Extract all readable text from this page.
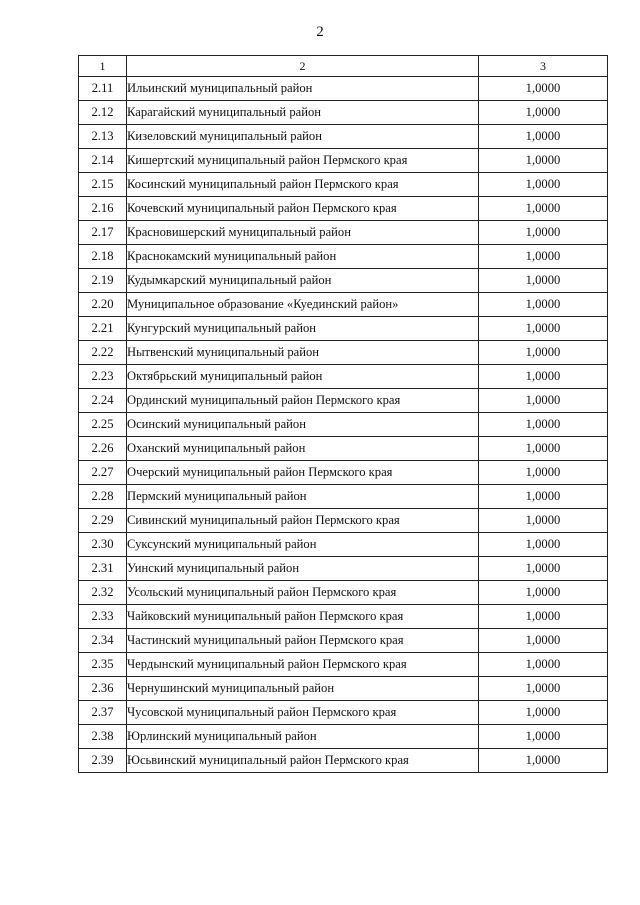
2
1	2	3
2.11	Ильинский муниципальный район	1,0000
2.12	Карагайский муниципальный район	1,0000
2.13	Кизеловский муниципальный район	1,0000
2.14	Кишертский муниципальный район Пермского края	1,0000
2.15	Косинский муниципальный район Пермского края	1,0000
2.16	Кочевский муниципальный район Пермского края	1,0000
2.17	Красновишерский муниципальный район	1,0000
2.18	Краснокамский муниципальный район	1,0000
2.19	Кудымкарский муниципальный район	1,0000
2.20	Муниципальное образование «Куединский район»	1,0000
2.21	Кунгурский муниципальный район	1,0000
2.22	Нытвенский муниципальный район	1,0000
2.23	Октябрьский муниципальный район	1,0000
2.24	Ординский муниципальный район Пермского края	1,0000
2.25	Осинский муниципальный район	1,0000
2.26	Оханский муниципальный район	1,0000
2.27	Очерский муниципальный район Пермского края	1,0000
2.28	Пермский муниципальный район	1,0000
2.29	Сивинский муниципальный район Пермского края	1,0000
2.30	Суксунский муниципальный район	1,0000
2.31	Уинский муниципальный район	1,0000
2.32	Усольский муниципальный район Пермского края	1,0000
2.33	Чайковский муниципальный район Пермского края	1,0000
2.34	Частинский муниципальный район Пермского края	1,0000
2.35	Чердынский муниципальный район Пермского края	1,0000
2.36	Чернушинский муниципальный район	1,0000
2.37	Чусовской муниципальный район Пермского края	1,0000
2.38	Юрлинский муниципальный район	1,0000
2.39	Юсьвинский муниципальный район Пермского края	1,0000
